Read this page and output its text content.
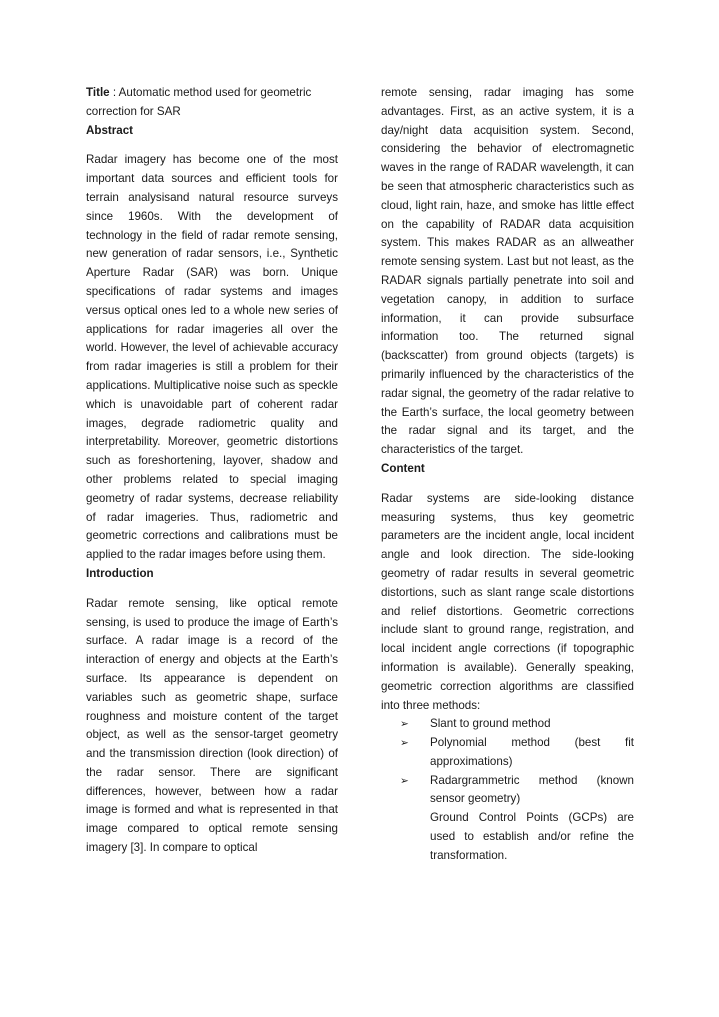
Title : Automatic method used for geometric correction for SAR

Abstract

Radar imagery has become one of the most important data sources and efficient tools for terrain analysisand natural resource surveys since 1960s. With the development of technology in the field of radar remote sensing, new generation of radar sensors, i.e., Synthetic Aperture Radar (SAR) was born. Unique specifications of radar systems and images versus optical ones led to a whole new series of applications for radar imageries all over the world. However, the level of achievable accuracy from radar imageries is still a problem for their applications. Multiplicative noise such as speckle which is unavoidable part of coherent radar images, degrade radiometric quality and interpretability. Moreover, geometric distortions such as foreshortening, layover, shadow and other problems related to special imaging geometry of radar systems, decrease reliability of radar imageries. Thus, radiometric and geometric corrections and calibrations must be applied to the radar images before using them.

Introduction

Radar remote sensing, like optical remote sensing, is used to produce the image of Earth’s surface. A radar image is a record of the interaction of energy and objects at the Earth’s surface. Its appearance is dependent on variables such as geometric shape, surface roughness and moisture content of the target object, as well as the sensor-target geometry and the transmission direction (look direction) of the radar sensor. There are significant differences, however, between how a radar image is formed and what is represented in that image compared to optical remote sensing imagery [3]. In compare to optical

remote sensing, radar imaging has some advantages. First, as an active system, it is a day/night data acquisition system. Second, considering the behavior of electromagnetic waves in the range of RADAR wavelength, it can be seen that atmospheric characteristics such as cloud, light rain, haze, and smoke has little effect on the capability of RADAR data acquisition system. This makes RADAR as an allweather remote sensing system. Last but not least, as the RADAR signals partially penetrate into soil and vegetation canopy, in addition to surface information, it can provide subsurface information too. The returned signal (backscatter) from ground objects (targets) is primarily influenced by the characteristics of the radar signal, the geometry of the radar relative to the Earth’s surface, the local geometry between the radar signal and its target, and the characteristics of the target.

Content

Radar systems are side-looking distance measuring systems, thus key geometric parameters are the incident angle, local incident angle and look direction. The side-looking geometry of radar results in several geometric distortions, such as slant range scale distortions and relief distortions. Geometric corrections include slant to ground range, registration, and local incident angle corrections (if topographic information is available). Generally speaking, geometric correction algorithms are classified into three methods:

➢ Slant to ground method
➢ Polynomial method (best fit approximations)
➢ Radargrammetric method (known sensor geometry)

Ground Control Points (GCPs) are used to establish and/or refine the transformation.
